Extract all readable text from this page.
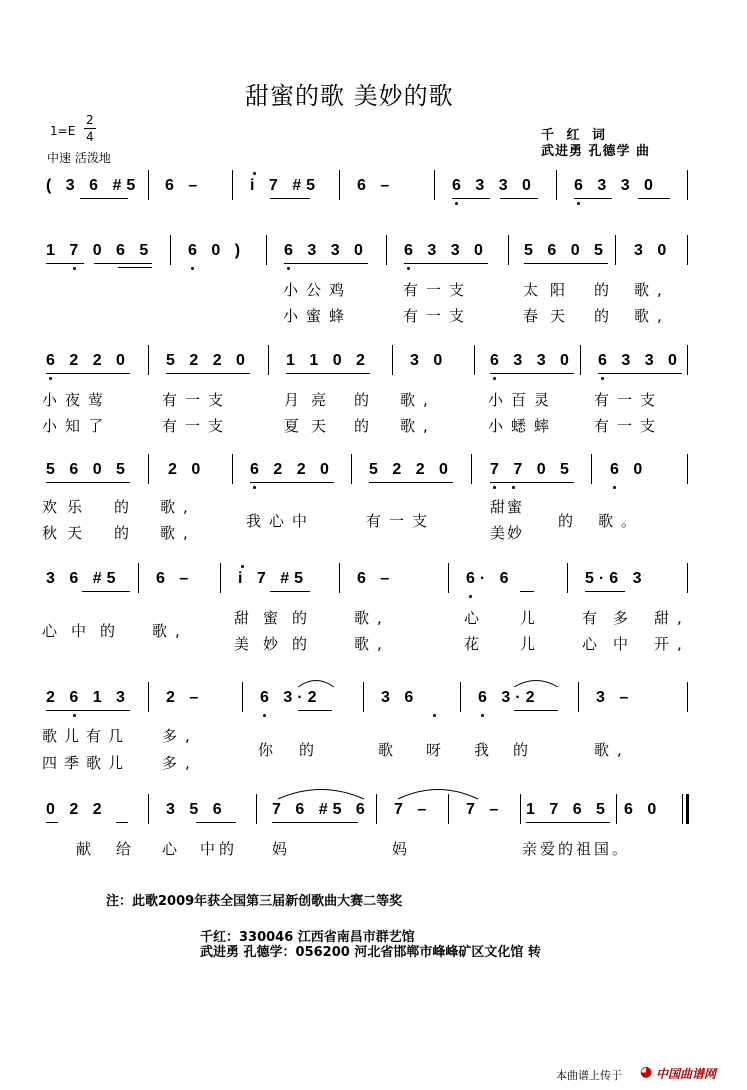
甜蜜的歌 美妙的歌
1=E
2
4
中速 活泼地
千 红 词
武进勇 孔德学 曲
( 3 6 #5 6 –	i 7 #5 6 –	6 3 3 0 6 3 3 0
1 7 0 6 5 6 0 ) 6 3 3 0 6 3 3 0 5 6 0 5 3 0
小公鸡	有一支	太阳 的 歌,
小蜜蜂	有一支	春天 的 歌,
6 2 2 0 5 2 2 0 1 1 0 2	3 0	6 3 3 0 6 3 3 0
小夜莺	有一支	月亮 的 歌,	小百灵 有一支
小知了	有一支	夏天 的 歌,	小蟋蟀 有一支
5 6 0 5 2 0	6 2 2 0 5 2 2 0 7 7 0 5 6 0
欢乐 的 歌,
秋天 的 歌,
我心中	有一支
甜蜜
美妙
的 歌。
3 6 #5 6 –	i 7 #5	6 –	6· 6	5·6 3
心中的 歌,
甜蜜的 歌,
美妙的 歌,
心 儿	有多 甜,
花 儿	心中 开,
2 6 1 3 2 –	6 3·2	3 6	6 3·2	3 –
歌儿有几 多,
四季歌儿 多,
你的	歌 呀 我的	歌,
0 2 2	3 5 6	7 6 #5 6 7 – 7 – 1 7 6 5 6 0
献 给 心 中的 妈	妈	亲爱的祖国。
注：此歌2009年获全国第三届新创歌曲大赛二等奖
千红：330046 江西省南昌市群艺馆
武进勇 孔德学：056200 河北省邯郸市峰峰矿区文化馆 转
本曲谱上传于 ◕ 中国曲谱网
